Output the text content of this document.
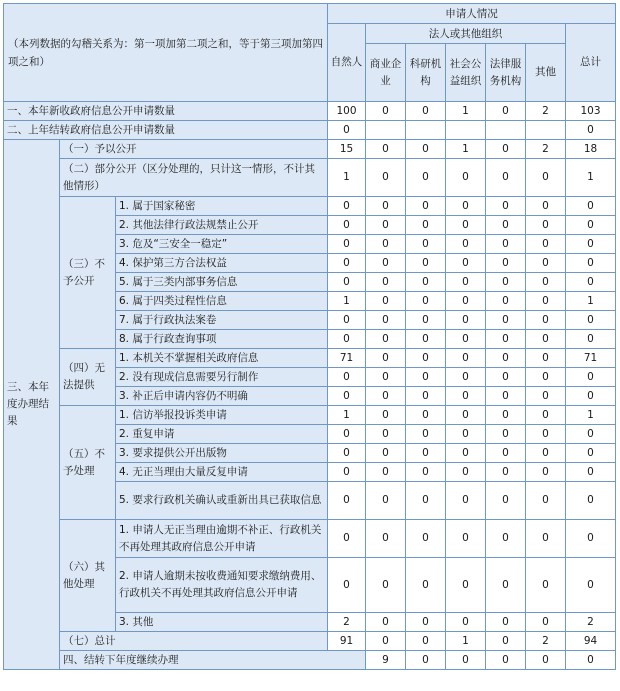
（本列数据的勾稽关系为：第一项加第二项之和，等于第三项加第四项之和）			申请人情况							
			自然人	法人或其他组织					总计	
				商业企业	科研机构	社会公益组织	法律服务机构	其他		
一、本年新收政府信息公开申请数量			100	0	0	1	0	2	103	
二、上年结转政府信息公开申请数量			0						0	
三、本年度办理结果	（一）予以公开		15	0	0	1	0	2	18	
	（二）部分公开（区分处理的，只计这一情形，不计其他情形）		1	0	0	0	0	0	1	
	（三）不予公开	1. 属于国家秘密	0	0	0	0	0	0	0	
		2. 其他法律行政法规禁止公开	0	0	0	0	0	0	0	
		3. 危及“三安全一稳定”	0	0	0	0	0	0	0	
		4. 保护第三方合法权益	0	0	0	0	0	0	0	
		5. 属于三类内部事务信息	0	0	0	0	0	0	0	
		6. 属于四类过程性信息	1	0	0	0	0	0	1	
		7. 属于行政执法案卷	0	0	0	0	0	0	0	
		8. 属于行政查询事项	0	0	0	0	0	0	0	
	（四）无法提供	1. 本机关不掌握相关政府信息	71	0	0	0	0	0	71	
		2. 没有现成信息需要另行制作	0	0	0	0	0	0	0	
		3. 补正后申请内容仍不明确	0	0	0	0	0	0	0	
	（五）不予处理	1. 信访举报投诉类申请	1	0	0	0	0	0	1	
		2. 重复申请	0	0	0	0	0	0	0	
		3. 要求提供公开出版物	0	0	0	0	0	0	0	
		4. 无正当理由大量反复申请	0	0	0	0	0	0	0	
		5. 要求行政机关确认或重新出具已获取信息	0	0	0	0	0	0	0	
	（六）其他处理	1. 申请人无正当理由逾期不补正、行政机关不再处理其政府信息公开申请	0	0	0	0	0	0	0	
		2. 申请人逾期未按收费通知要求缴纳费用、行政机关不再处理其政府信息公开申请	0	0	0	0	0	0	0	
		3. 其他	2	0	0	0	0	0	2	
	（七）总计		91	0	0	1	0	2	94	
	四、结转下年度继续办理			9	0	0	0	0	0	
